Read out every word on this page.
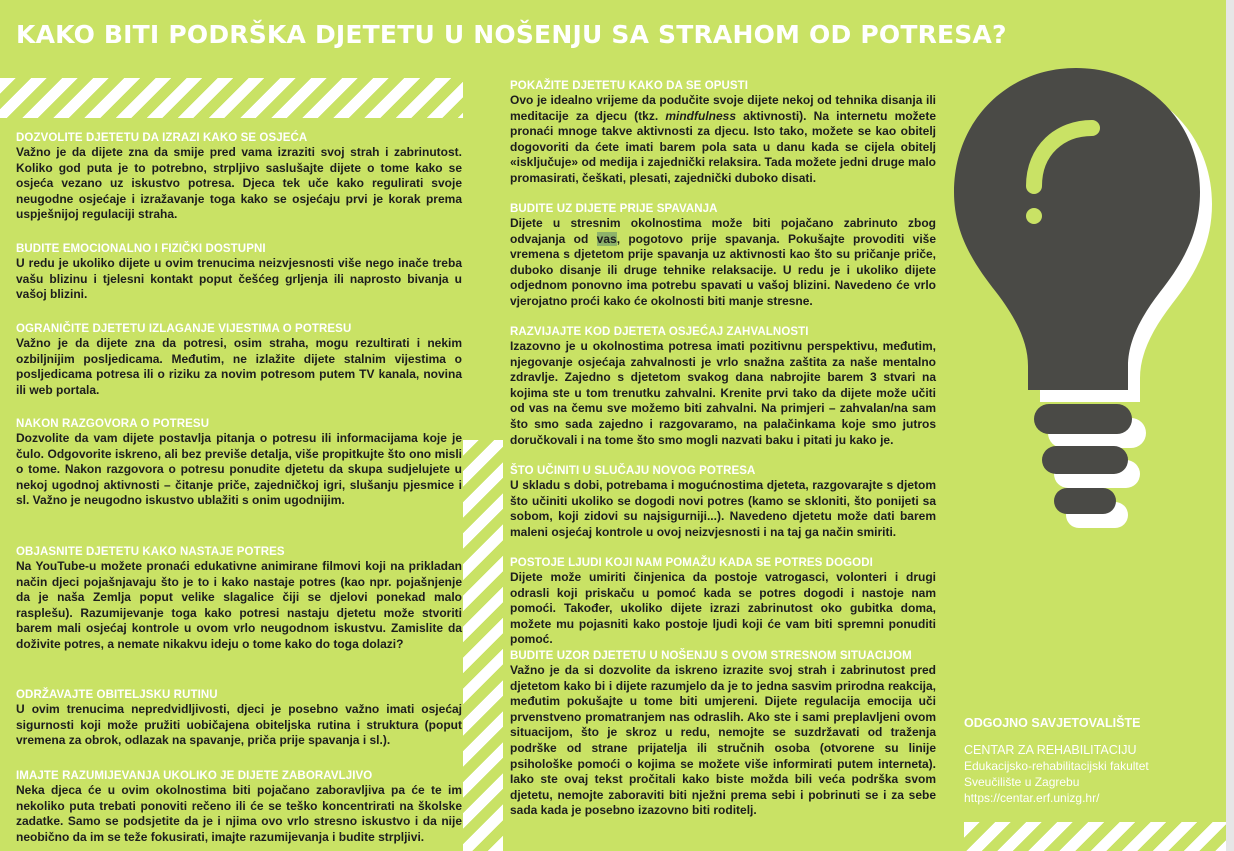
KAKO BITI PODRŠKA DJETETU U NOŠENJU SA STRAHOM OD POTRESA?
DOZVOLITE DJETETU DA IZRAZI KAKO SE OSJEĆA

Važno je da dijete zna da smije pred vama izraziti svoj strah i zabrinutost. Koliko god puta je to potrebno, strpljivo saslušajte dijete o tome kako se osjeća vezano uz iskustvo potresa. Djeca tek uče kako regulirati svoje neugodne osjećaje i izražavanje toga kako se osjećaju prvi je korak prema uspješnijoj regulaciji straha.

BUDITE EMOCIONALNO I FIZIČKI DOSTUPNI

U redu je ukoliko dijete u ovim trenucima neizvjesnosti više nego inače treba vašu blizinu i tjelesni kontakt poput češćeg grljenja ili naprosto bivanja u vašoj blizini.

OGRANIČITE DJETETU IZLAGANJE VIJESTIMA O POTRESU

Važno je da dijete zna da potresi, osim straha, mogu rezultirati i nekim ozbiljnijim posljedicama. Međutim, ne izlažite dijete stalnim vijestima o posljedicama potresa ili o riziku za novim potresom putem TV kanala, novina ili web portala.

NAKON RAZGOVORA O POTRESU

Dozvolite da vam dijete postavlja pitanja o potresu ili informacijama koje je čulo. Odgovorite iskreno, ali bez previše detalja, više propitkujte što ono misli o tome. Nakon razgovora o potresu ponudite djetetu da skupa sudjelujete u nekoj ugodnoj aktivnosti – čitanje priče, zajedničkoj igri, slušanju pjesmice i sl. Važno je neugodno iskustvo ublažiti s onim ugodnijim.

OBJASNITE DJETETU KAKO NASTAJE POTRES

Na YouTube-u možete pronaći edukativne animirane filmovi koji na prikladan način djeci pojašnjavaju što je to i kako nastaje potres (kao npr. pojašnjenje da je naša Zemlja poput velike slagalice čiji se djelovi ponekad malo rasplešu). Razumijevanje toga kako potresi nastaju djetetu može stvoriti barem mali osjećaj kontrole u ovom vrlo neugodnom iskustvu. Zamislite da doživite potres, a nemate nikakvu ideju o tome kako do toga dolazi?

ODRŽAVAJTE OBITELJSKU RUTINU

U ovim trenucima nepredvidljivosti, djeci je posebno važno imati osjećaj sigurnosti koji može pružiti uobičajena obiteljska rutina i struktura (poput vremena za obrok, odlazak na spavanje, priča prije spavanja i sl.).

IMAJTE RAZUMIJEVANJA UKOLIKO JE DIJETE ZABORAVLJIVO

Neka djeca će u ovim okolnostima biti pojačano zaboravljiva pa će te im nekoliko puta trebati ponoviti rečeno ili će se teško koncentrirati na školske zadatke. Samo se podsjetite da je i njima ovo vrlo stresno iskustvo i da nije neobično da im se teže fokusirati, imajte razumijevanja i budite strpljivi.

POKAŽITE DJETETU KAKO DA SE OPUSTI

Ovo je idealno vrijeme da podučite svoje dijete nekoj od tehnika disanja ili meditacije za djecu (tkz. mindfulness aktivnosti). Na internetu možete pronaći mnoge takve aktivnosti za djecu. Isto tako, možete se kao obitelj dogovoriti da ćete imati barem pola sata u danu kada se cijela obitelj «isključuje» od medija i zajednički relaksira. Tada možete jedni druge malo promasirati, češkati, plesati, zajednički duboko disati.

BUDITE UZ DIJETE PRIJE SPAVANJA

Dijete u stresnim okolnostima može biti pojačano zabrinuto zbog odvajanja od vas, pogotovo prije spavanja. Pokušajte provoditi više vremena s djetetom prije spavanja uz aktivnosti kao što su pričanje priče, duboko disanje ili druge tehnike relaksacije. U redu je i ukoliko dijete odjednom ponovno ima potrebu spavati u vašoj blizini. Navedeno će vrlo vjerojatno proći kako će okolnosti biti manje stresne.

RAZVIJAJTE KOD DJETETA OSJEĆAJ ZAHVALNOSTI

Izazovno je u okolnostima potresa imati pozitivnu perspektivu, međutim, njegovanje osjećaja zahvalnosti je vrlo snažna zaštita za naše mentalno zdravlje. Zajedno s djetetom svakog dana nabrojite barem 3 stvari na kojima ste u tom trenutku zahvalni. Krenite prvi tako da dijete može učiti od vas na čemu sve možemo biti zahvalni. Na primjeri – zahvalan/na sam što smo sada zajedno i razgovaramo, na palačinkama koje smo jutros doručkovali i na tome što smo mogli nazvati baku i pitati ju kako je.

ŠTO UČINITI U SLUČAJU NOVOG POTRESA

U skladu s dobi, potrebama i mogućnostima djeteta, razgovarajte s djetom što učiniti ukoliko se dogodi novi potres (kamo se skloniti, što ponijeti sa sobom, koji zidovi su najsigurniji...). Navedeno djetetu može dati barem maleni osjećaj kontrole u ovoj neizvjesnosti i na taj ga način smiriti.

POSTOJE LJUDI KOJI NAM POMAŽU KADA SE POTRES DOGODI

Dijete može umiriti činjenica da postoje vatrogasci, volonteri i drugi odrasli koji priskaču u pomoć kada se potres dogodi i nastoje nam pomoći. Također, ukoliko dijete izrazi zabrinutost oko gubitka doma, možete mu pojasniti kako postoje ljudi koji će vam biti spremni ponuditi pomoć.

BUDITE UZOR DJETETU U NOŠENJU S OVOM STRESNOM SITUACIJOM

Važno je da si dozvolite da iskreno izrazite svoj strah i zabrinutost pred djetetom kako bi i dijete razumjelo da je to jedna sasvim prirodna reakcija, međutim pokušajte u tome biti umjereni. Dijete regulacija emocija uči prvenstveno promatranjem nas odraslih. Ako ste i sami preplavljeni ovom situacijom, što je skroz u redu, nemojte se suzdržavati od traženja podrške od strane prijatelja ili stručnih osoba (otvorene su linije psihološke pomoći o kojima se možete više informirati putem interneta). Iako ste ovaj tekst pročitali kako biste možda bili veća podrška svom djetetu, nemojte zaboraviti biti nježni prema sebi i pobrinuti se i za sebe sada kada je posebno izazovno biti roditelj.

ODGOJNO SAVJETOVALIŠTE
CENTAR ZA REHABILITACIJU
Edukacijsko-rehabilitacijski fakultet
Sveučilište u Zagrebu
https://centar.erf.unizg.hr/
